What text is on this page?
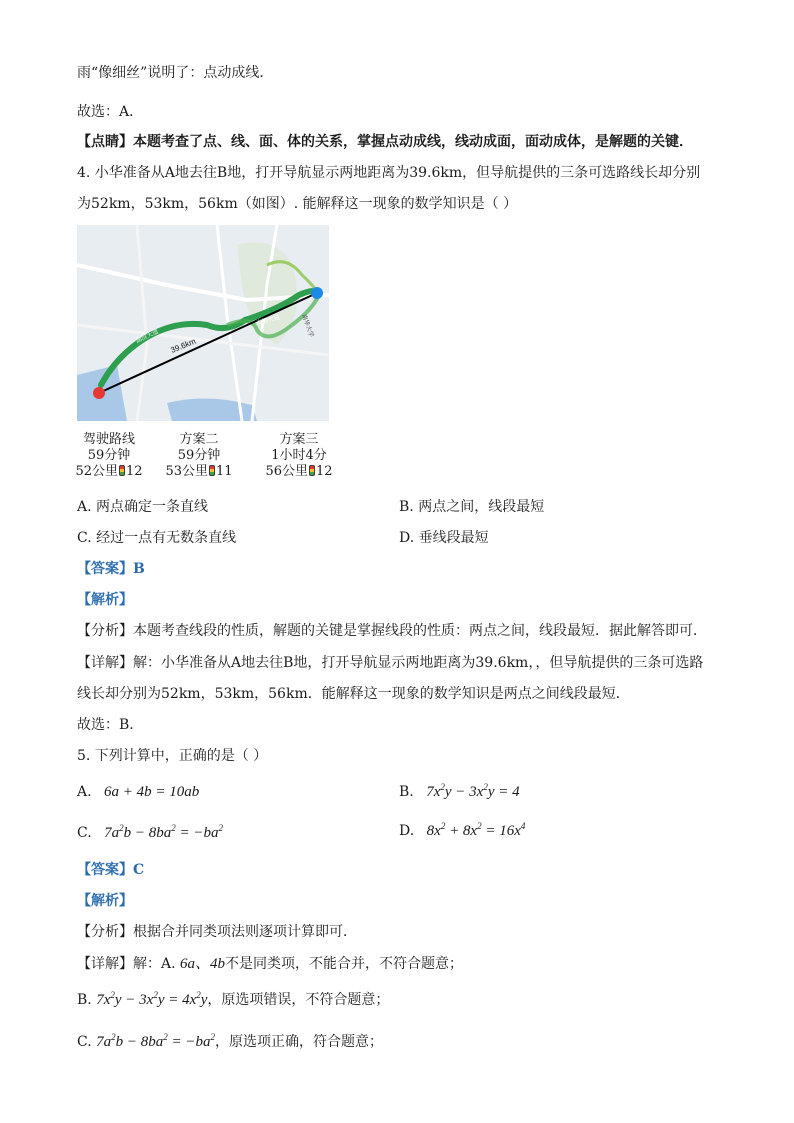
雨“像细丝”说明了：点动成线．
故选：A．
【点睛】本题考查了点、线、面、体的关系，掌握点动成线，线动成面，面动成体，是解题的关键．
4. 小华准备从A地去往B地，打开导航显示两地距离为39.6km，但导航提供的三条可选路线长却分别
为52km，53km，56km（如图）. 能解释这一现象的数学知识是（ ）
39.6km
湖滨大道
南湖大道	南华大学
驾驶路线
59分钟
52公里 12
方案二
59分钟
53公里 11
方案三
1小时4分
56公里 12
A. 两点确定一条直线	B. 两点之间，线段最短
C. 经过一点有无数条直线	D. 垂线段最短
【答案】B
【解析】
【分析】本题考查线段的性质，解题的关键是掌握线段的性质：两点之间，线段最短．据此解答即可．
【详解】解：小华准备从A地去往B地，打开导航显示两地距离为39.6km，，但导航提供的三条可选路
线长却分别为52km，53km，56km．能解释这一现象的数学知识是两点之间线段最短．
故选：B．
5. 下列计算中，正确的是（ ）
A. 6a + 4b = 10ab	B. $7x^2y - 3x^2y = 4$
C. $7a^2b - 8ba^2 = -ba^2$	D. $8x^2 + 8x^2 = 16x^4$
【答案】C
【解析】
【分析】根据合并同类项法则逐项计算即可．
【详解】解：A. 6a、4b不是同类项，不能合并，不符合题意；
B. $7x^2y - 3x^2y = 4x^2y$，原选项错误，不符合题意；
C. $7a^2b - 8ba^2 = -ba^2$，原选项正确，符合题意；
